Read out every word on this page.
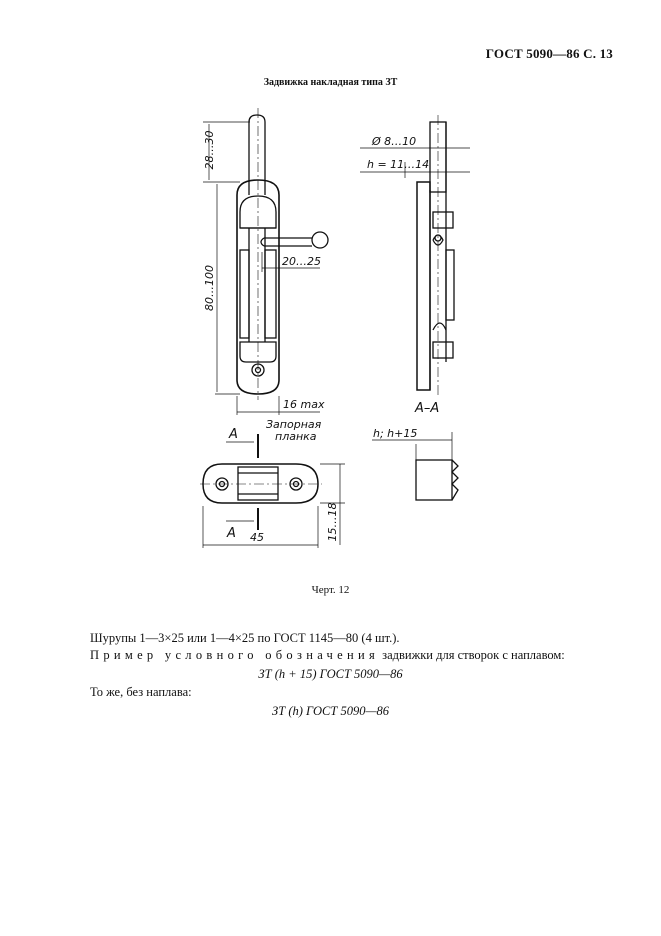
ГОСТ 5090—86 С. 13
Задвижка накладная типа ЗТ
28…30
80…100
20…25
16 max
Ø 8…10
h = 11…14
А–А
А
А
Запорная
планка
45	15…18
h; h+15
Черт. 12
Шурупы 1—3×25 или 1—4×25 по ГОСТ 1145—80 (4 шт.).
Пример условного обозначения задвижки для створок с наплавом:
ЗТ (h + 15) ГОСТ 5090—86
То же, без наплава:
ЗТ (h) ГОСТ 5090—86
